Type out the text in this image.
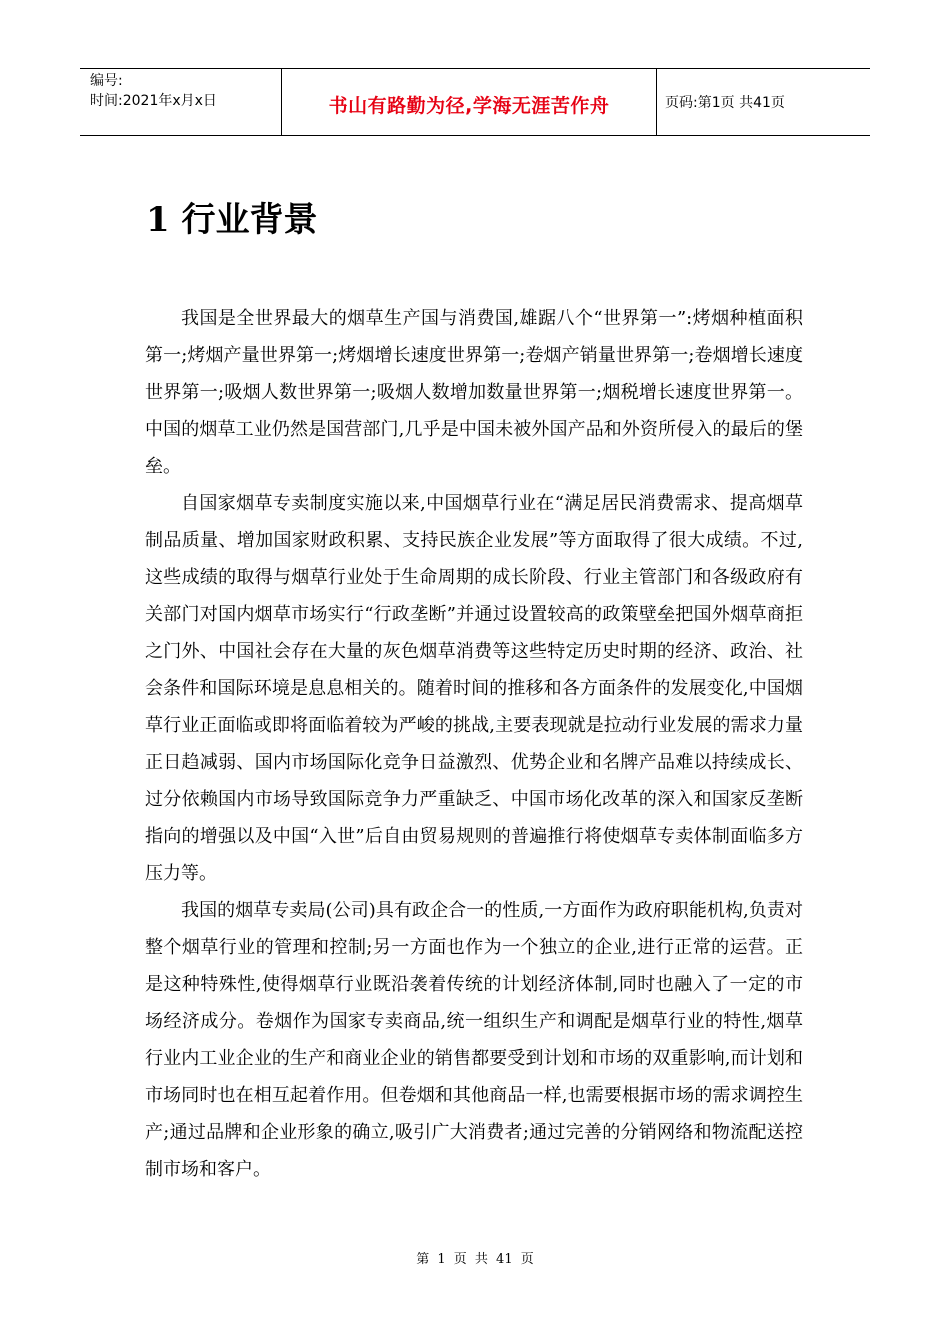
编号:
时间:2021年x月x日	书山有路勤为径,学海无涯苦作舟	页码:第1页 共41页
1 行业背景

我国是全世界最大的烟草生产国与消费国,雄踞八个“世界第一”:烤烟种植面积第一;烤烟产量世界第一;烤烟增长速度世界第一;卷烟产销量世界第一;卷烟增长速度世界第一;吸烟人数世界第一;吸烟人数增加数量世界第一;烟税增长速度世界第一。中国的烟草工业仍然是国营部门,几乎是中国未被外国产品和外资所侵入的最后的堡垒。

自国家烟草专卖制度实施以来,中国烟草行业在“满足居民消费需求、提高烟草制品质量、增加国家财政积累、支持民族企业发展”等方面取得了很大成绩。不过,这些成绩的取得与烟草行业处于生命周期的成长阶段、行业主管部门和各级政府有关部门对国内烟草市场实行“行政垄断”并通过设置较高的政策壁垒把国外烟草商拒之门外、中国社会存在大量的灰色烟草消费等这些特定历史时期的经济、政治、社会条件和国际环境是息息相关的。随着时间的推移和各方面条件的发展变化,中国烟草行业正面临或即将面临着较为严峻的挑战,主要表现就是拉动行业发展的需求力量正日趋减弱、国内市场国际化竞争日益激烈、优势企业和名牌产品难以持续成长、过分依赖国内市场导致国际竞争力严重缺乏、中国市场化改革的深入和国家反垄断指向的增强以及中国“入世”后自由贸易规则的普遍推行将使烟草专卖体制面临多方压力等。

我国的烟草专卖局(公司)具有政企合一的性质,一方面作为政府职能机构,负责对整个烟草行业的管理和控制;另一方面也作为一个独立的企业,进行正常的运营。正是这种特殊性,使得烟草行业既沿袭着传统的计划经济体制,同时也融入了一定的市场经济成分。卷烟作为国家专卖商品,统一组织生产和调配是烟草行业的特性,烟草行业内工业企业的生产和商业企业的销售都要受到计划和市场的双重影响,而计划和市场同时也在相互起着作用。但卷烟和其他商品一样,也需要根据市场的需求调控生产;通过品牌和企业形象的确立,吸引广大消费者;通过完善的分销网络和物流配送控制市场和客户。

第 1 页 共 41 页
